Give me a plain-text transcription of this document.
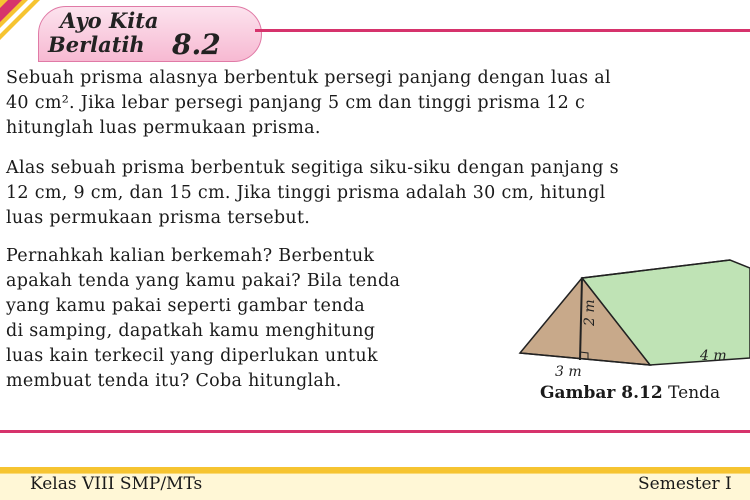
Ayo Kita
Berlatih 8.2
Sebuah prisma alasnya berbentuk persegi panjang dengan luas al
40 cm². Jika lebar persegi panjang 5 cm dan tinggi prisma 12 c
hitunglah luas permukaan prisma.
Alas sebuah prisma berbentuk segitiga siku-siku dengan panjang s
12 cm, 9 cm, dan 15 cm. Jika tinggi prisma adalah 30 cm, hitungl
luas permukaan prisma tersebut.
Pernahkah kalian berkemah? Berbentuk
apakah tenda yang kamu pakai? Bila tenda
yang kamu pakai seperti gambar tenda
di samping, dapatkah kamu menghitung
luas kain terkecil yang diperlukan untuk
membuat tenda itu? Coba hitunglah.
2 m
3 m
4 m
Gambar 8.12 Tenda
Kelas VIII SMP/MTs	Semester I
